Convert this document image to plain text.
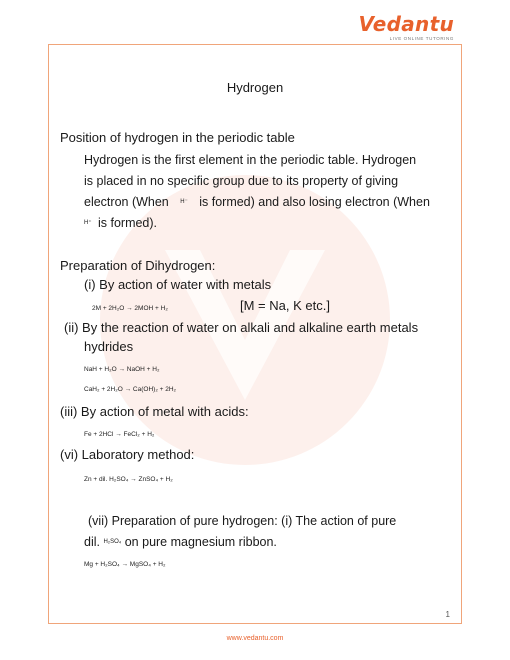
Vedantu
LIVE ONLINE TUTORING
Hydrogen
Position of hydrogen in the periodic table
Hydrogen is the first element in the periodic table. Hydrogen
is placed in no specific group due to its property of giving
electron (When H⁻ is formed) and also losing electron (When
H⁺ is formed).
Preparation of Dihydrogen:
(i) By action of water with metals
2M + 2H₂O → 2MOH + H₂	[M = Na, K etc.]
(ii) By the reaction of water on alkali and alkaline earth metals
hydrides
NaH + H₂O → NaOH + H₂
CaH₂ + 2H₂O → Ca(OH)₂ + 2H₂
(iii) By action of metal with acids:
Fe + 2HCl → FeCl₂ + H₂
(vi) Laboratory method:
Zn + dil. H₂SO₄ → ZnSO₄ + H₂
(vii) Preparation of pure hydrogen: (i) The action of pure
dil. H₂SO₄ on pure magnesium ribbon.
Mg + H₂SO₄ → MgSO₄ + H₂
1
www.vedantu.com
